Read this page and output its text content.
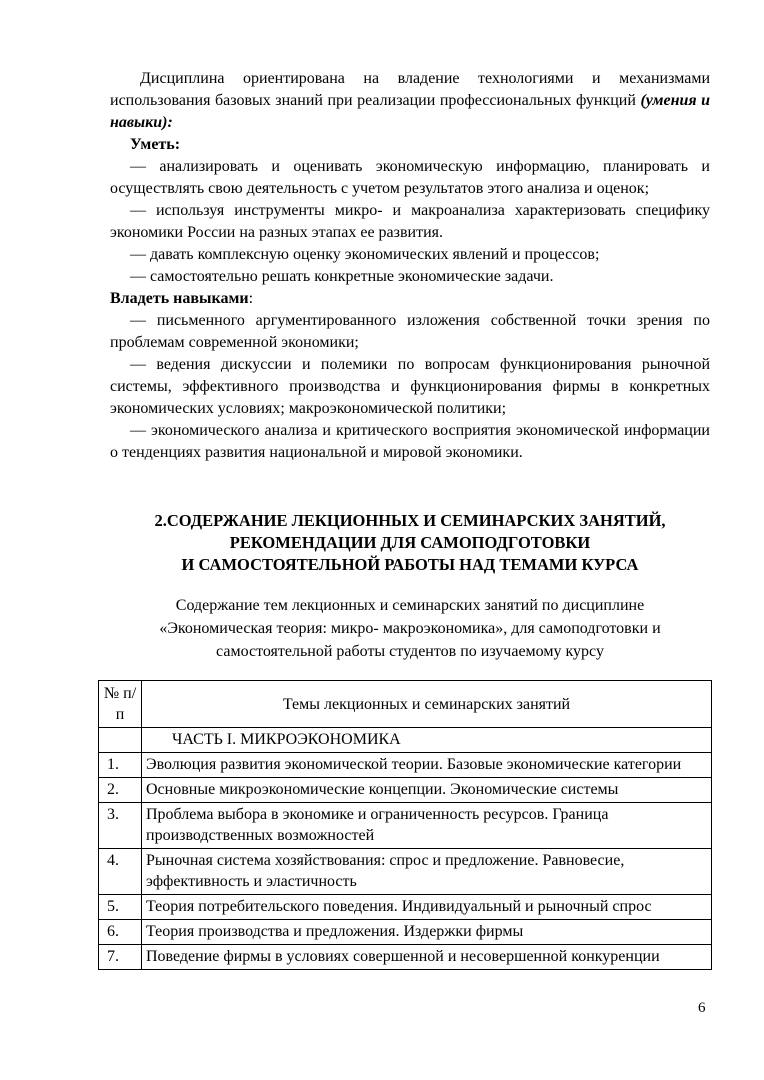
Дисциплина ориентирована на владение технологиями и механизмами использования базовых знаний при реализации профессиональных функций (умения и навыки):

Уметь:

— анализировать и оценивать экономическую информацию, планировать и осуществлять свою деятельность с учетом результатов этого анализа и оценок;

— используя инструменты микро- и макроанализа характеризовать специфику экономики России на разных этапах ее развития.

— давать комплексную оценку экономических явлений и процессов;

— самостоятельно решать конкретные экономические задачи.

Владеть навыками:

— письменного аргументированного изложения собственной точки зрения по проблемам современной экономики;

— ведения дискуссии и полемики по вопросам функционирования рыночной системы, эффективного производства и функционирования фирмы в конкретных экономических условиях; макроэкономической политики;

— экономического анализа и критического восприятия экономической информации о тенденциях развития национальной и мировой экономики.

2.СОДЕРЖАНИЕ ЛЕКЦИОННЫХ И СЕМИНАРСКИХ ЗАНЯТИЙ,
РЕКОМЕНДАЦИИ ДЛЯ САМОПОДГОТОВКИ
И САМОСТОЯТЕЛЬНОЙ РАБОТЫ НАД ТЕМАМИ КУРСА
Содержание тем лекционных и семинарских занятий по дисциплине
«Экономическая теория: микро- макроэкономика», для самоподготовки и
самостоятельной работы студентов по изучаемому курсу
№ п/п	Темы лекционных и семинарских занятий
	ЧАСТЬ I. МИКРОЭКОНОМИКА
1.	Эволюция развития экономической теории. Базовые экономические категории
2.	Основные микроэкономические концепции. Экономические системы
3.	Проблема выбора в экономике и ограниченность ресурсов. Граница производственных возможностей
4.	Рыночная система хозяйствования: спрос и предложение. Равновесие, эффективность и эластичность
5.	Теория потребительского поведения. Индивидуальный и рыночный спрос
6.	Теория производства и предложения. Издержки фирмы
7.	Поведение фирмы в условиях совершенной и несовершенной конкуренции
6
